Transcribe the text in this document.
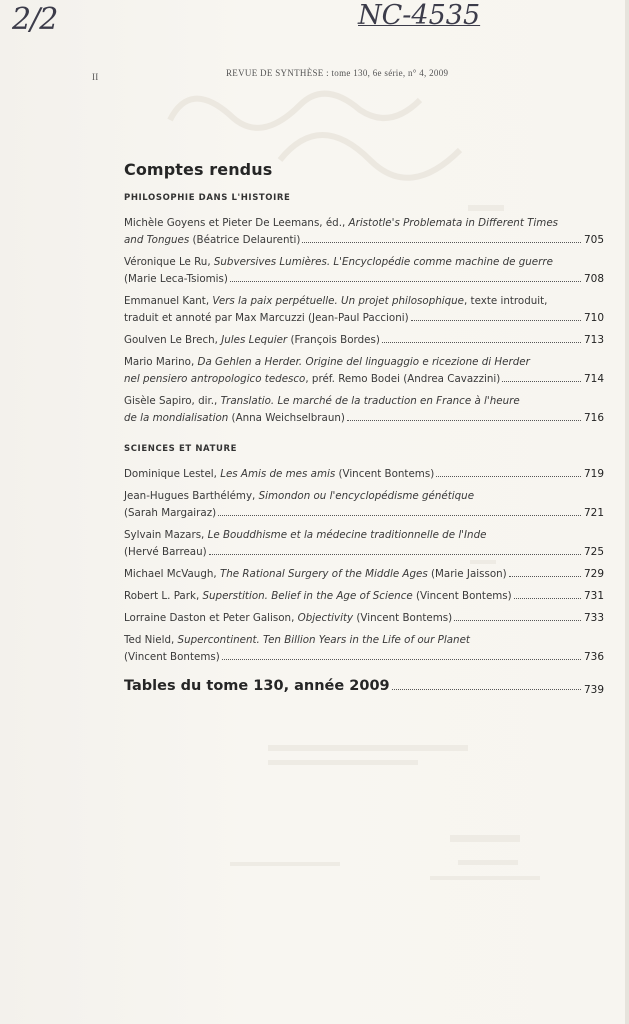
2/2	NC-4535
II	REVUE DE SYNTHÈSE : tome 130, 6e série, n° 4, 2009
Comptes rendus
PHILOSOPHIE DANS L'HISTOIRE
Michèle Goyens et Pieter De Leemans, éd., Aristotle's Problemata in Different Times
and Tongues (Béatrice Delaurenti)	705
Véronique Le Ru, Subversives Lumières. L'Encyclopédie comme machine de guerre
(Marie Leca-Tsiomis)	708
Emmanuel Kant, Vers la paix perpétuelle. Un projet philosophique, texte introduit,
traduit et annoté par Max Marcuzzi (Jean-Paul Paccioni)	710
Goulven Le Brech, Jules Lequier (François Bordes)	713
Mario Marino, Da Gehlen a Herder. Origine del linguaggio e ricezione di Herder
nel pensiero antropologico tedesco, préf. Remo Bodei (Andrea Cavazzini)	714
Gisèle Sapiro, dir., Translatio. Le marché de la traduction en France à l'heure
de la mondialisation (Anna Weichselbraun)	716
SCIENCES ET NATURE
Dominique Lestel, Les Amis de mes amis (Vincent Bontems)	719
Jean-Hugues Barthélémy, Simondon ou l'encyclopédisme génétique
(Sarah Margairaz)	721
Sylvain Mazars, Le Bouddhisme et la médecine traditionnelle de l'Inde
(Hervé Barreau)	725
Michael McVaugh, The Rational Surgery of the Middle Ages (Marie Jaisson)	729
Robert L. Park, Superstition. Belief in the Age of Science (Vincent Bontems)	731
Lorraine Daston et Peter Galison, Objectivity (Vincent Bontems)	733
Ted Nield, Supercontinent. Ten Billion Years in the Life of our Planet
(Vincent Bontems)	736
Tables du tome 130, année 2009	739
